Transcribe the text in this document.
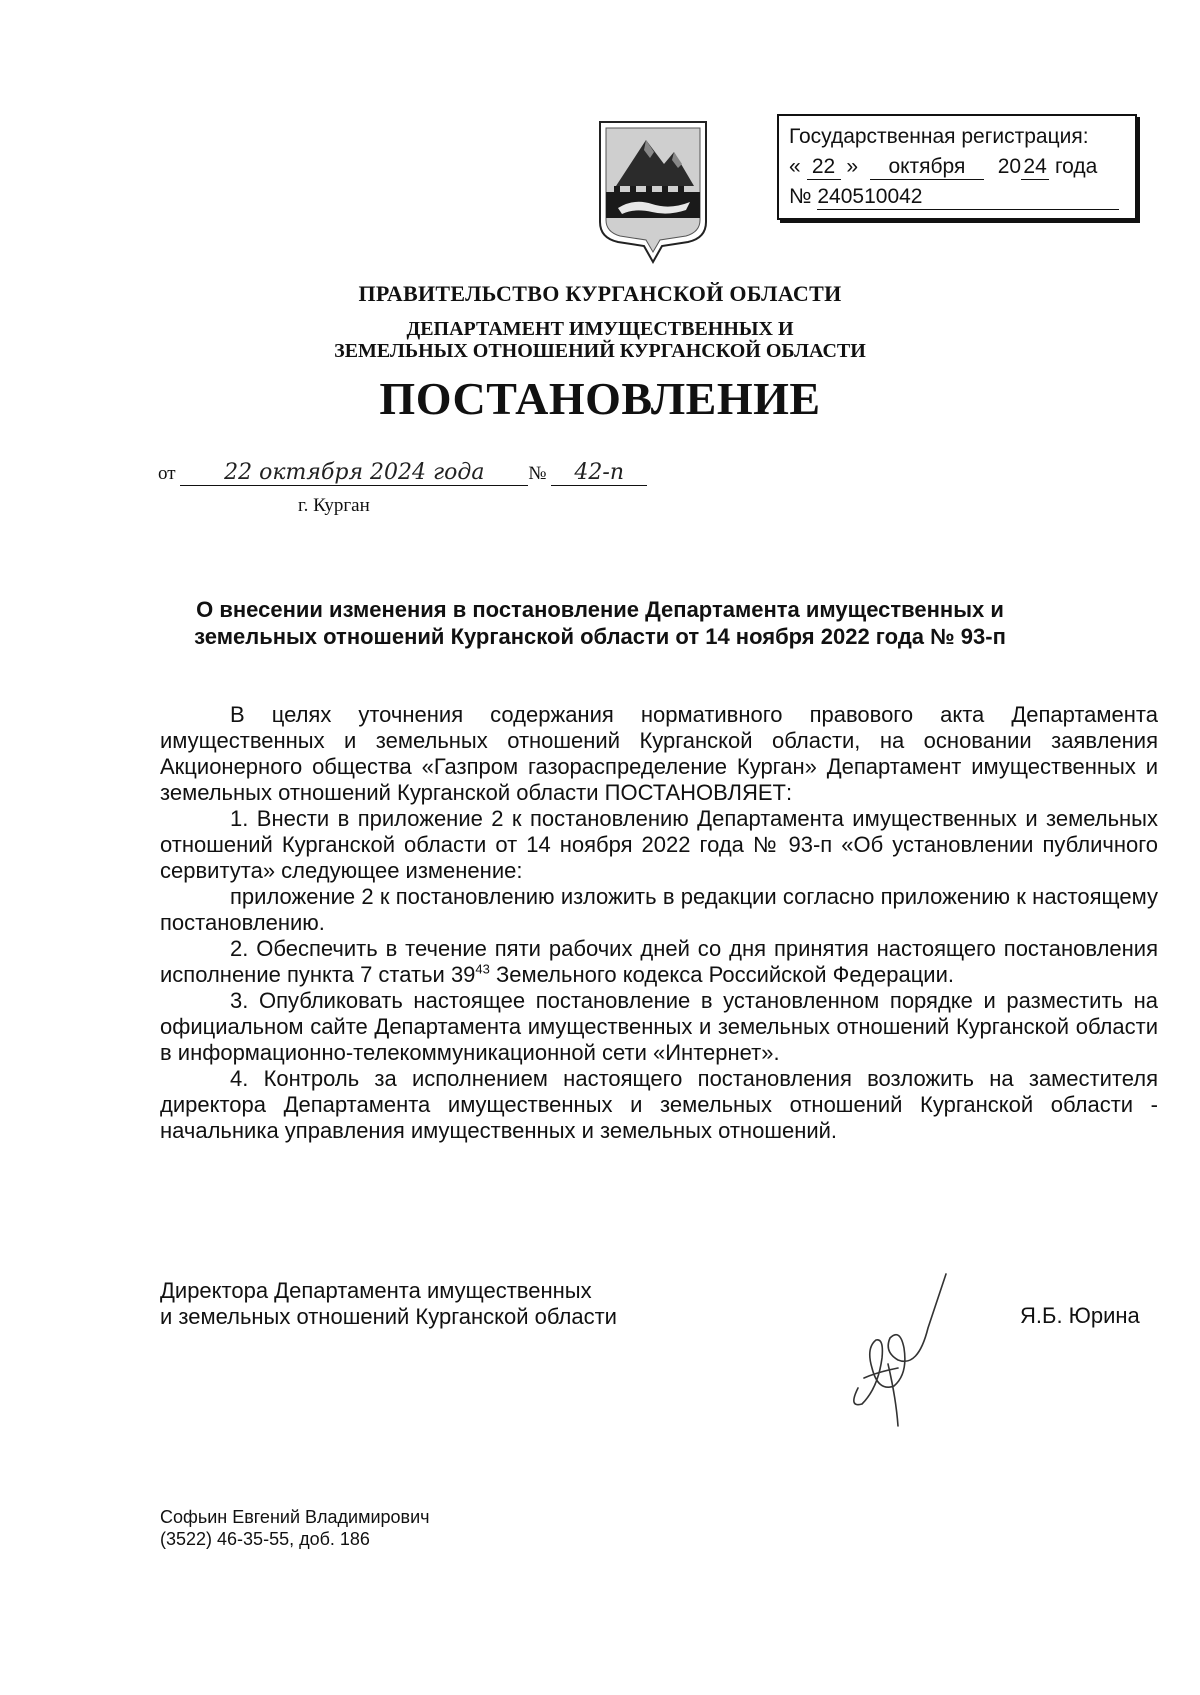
Государственная регистрация:
« 22 » октября 20 24 года
№ 240510042
ПРАВИТЕЛЬСТВО КУРГАНСКОЙ ОБЛАСТИ
ДЕПАРТАМЕНТ ИМУЩЕСТВЕННЫХ И
ЗЕМЕЛЬНЫХ ОТНОШЕНИЙ КУРГАНСКОЙ ОБЛАСТИ
ПОСТАНОВЛЕНИЕ
от 22 октября 2024 года № 42-п
г. Курган
О внесении изменения в постановление Департамента имущественных и
земельных отношений Курганской области от 14 ноября 2022 года № 93-п

В целях уточнения содержания нормативного правового акта Департамента имущественных и земельных отношений Курганской области, на основании заявления Акционерного общества «Газпром газораспределение Курган» Департамент имущественных и земельных отношений Курганской области ПОСТАНОВЛЯЕТ:

1. Внести в приложение 2 к постановлению Департамента имущественных и земельных отношений Курганской области от 14 ноября 2022 года № 93-п «Об установлении публичного сервитута» следующее изменение:

приложение 2 к постановлению изложить в редакции согласно приложению к настоящему постановлению.

2. Обеспечить в течение пяти рабочих дней со дня принятия настоящего постановления исполнение пункта 7 статьи $39^{43}$ Земельного кодекса Российской Федерации.

3. Опубликовать настоящее постановление в установленном порядке и разместить на официальном сайте Департамента имущественных и земельных отношений Курганской области в информационно-телекоммуникационной сети «Интернет».

4. Контроль за исполнением настоящего постановления возложить на заместителя директора Департамента имущественных и земельных отношений Курганской области - начальника управления имущественных и земельных отношений.

Директора Департамента имущественных
и земельных отношений Курганской области	Я.Б. Юрина
Софьин Евгений Владимирович
(3522) 46-35-55, доб. 186
